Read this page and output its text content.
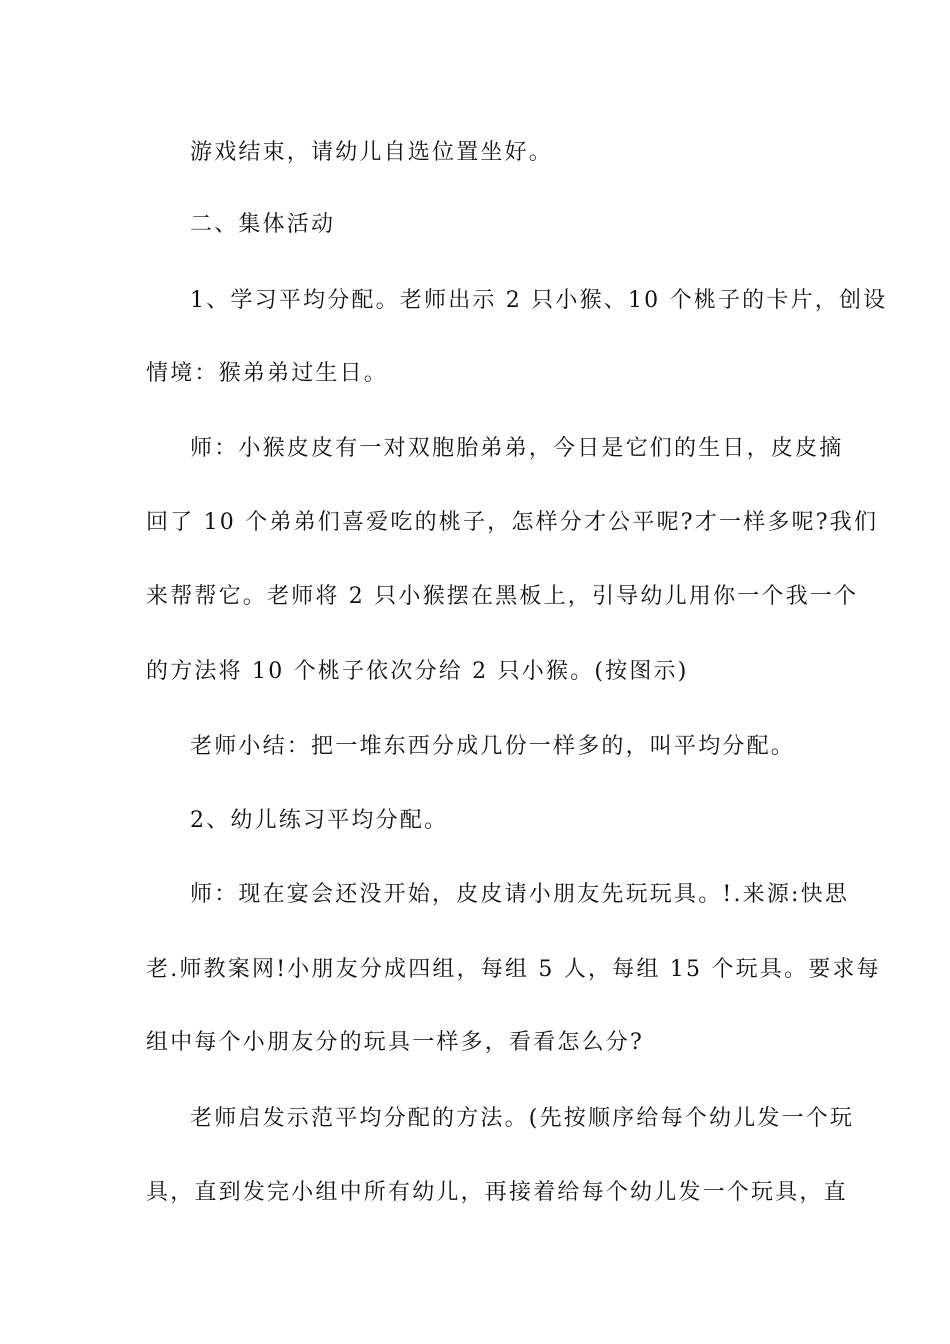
游戏结束，请幼儿自选位置坐好。
二、集体活动
1、学习平均分配。老师出示 2 只小猴、10 个桃子的卡片，创设
情境：猴弟弟过生日。
师：小猴皮皮有一对双胞胎弟弟，今日是它们的生日，皮皮摘
回了 10 个弟弟们喜爱吃的桃子，怎样分才公平呢?才一样多呢?我们
来帮帮它。老师将 2 只小猴摆在黑板上，引导幼儿用你一个我一个
的方法将 10 个桃子依次分给 2 只小猴。(按图示)
老师小结：把一堆东西分成几份一样多的，叫平均分配。
2、幼儿练习平均分配。
师：现在宴会还没开始，皮皮请小朋友先玩玩具。!.来源:快思
老.师教案网!小朋友分成四组，每组 5 人，每组 15 个玩具。要求每
组中每个小朋友分的玩具一样多，看看怎么分?
老师启发示范平均分配的方法。(先按顺序给每个幼儿发一个玩
具，直到发完小组中所有幼儿，再接着给每个幼儿发一个玩具，直
